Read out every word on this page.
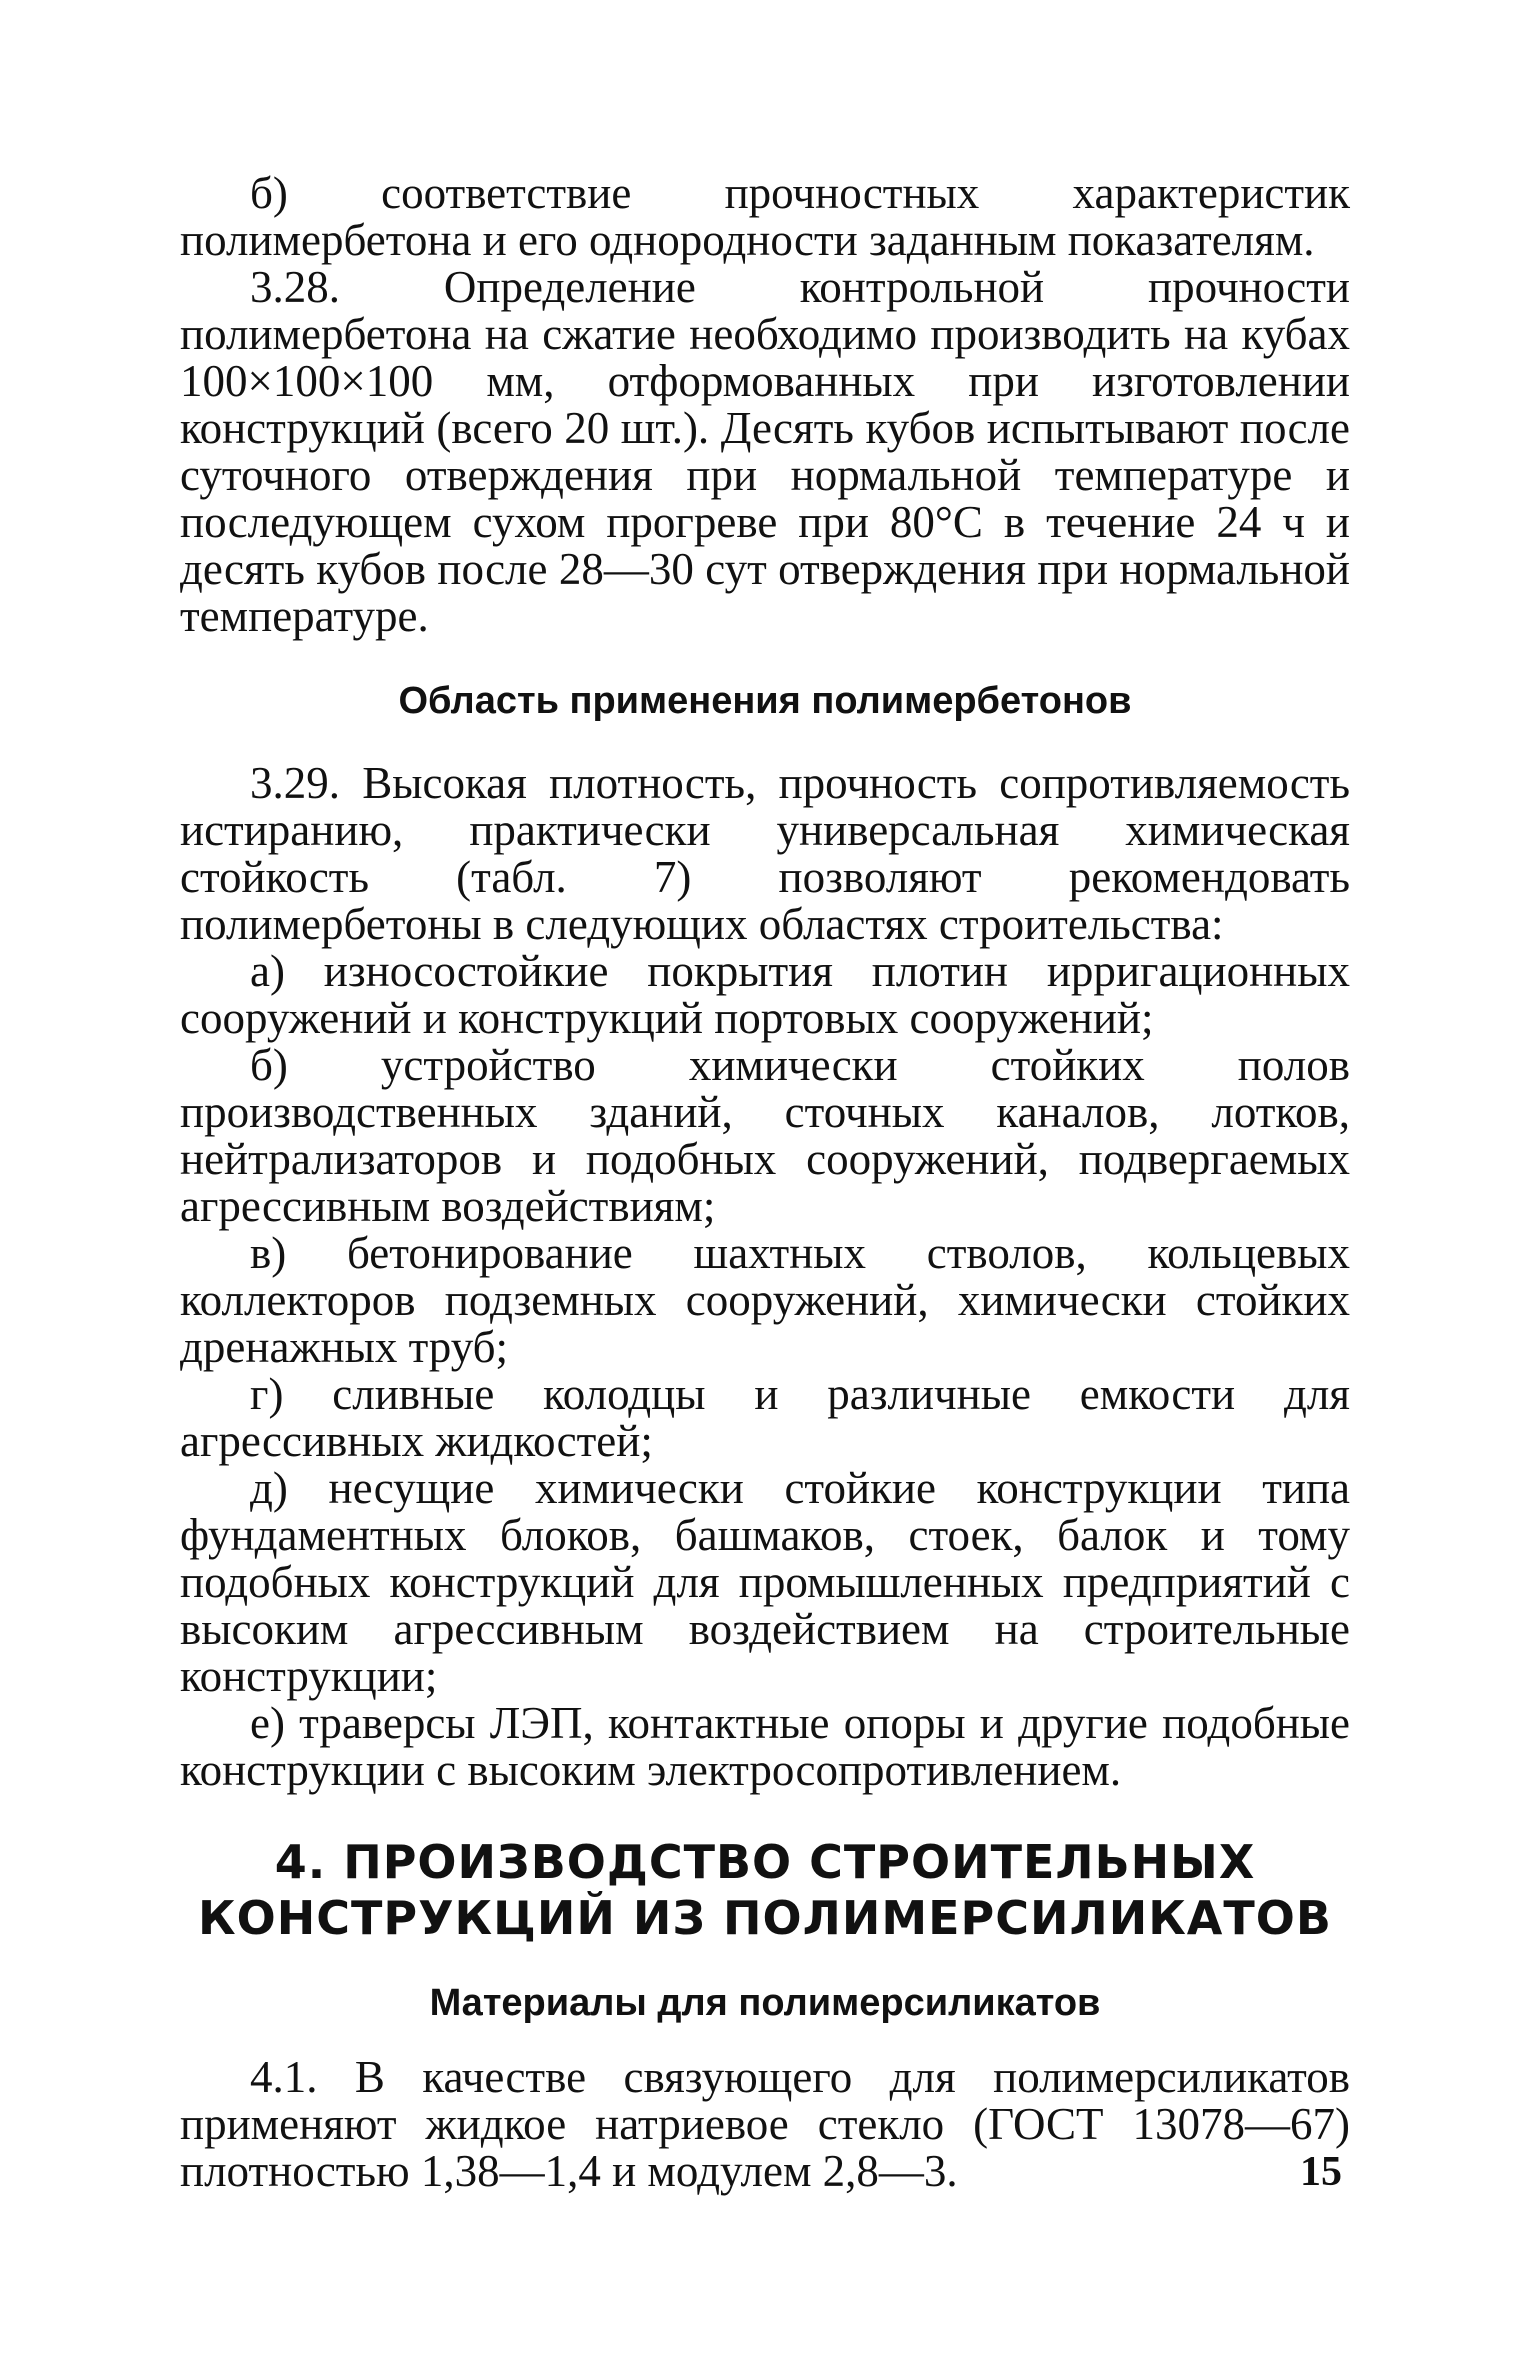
б) соответствие прочностных характеристик полимербетона и его однородности заданным показателям.

3.28. Определение контрольной прочности полимербетона на сжатие необходимо производить на кубах 100×100×100 мм, отформованных при изготовлении конструкций (всего 20 шт.). Десять кубов испытывают после суточного отверждения при нормальной температуре и последующем сухом прогреве при 80°С в течение 24 ч и десять кубов после 28—30 сут отверждения при нормальной температуре.

Область применения полимербетонов

3.29. Высокая плотность, прочность сопротивляемость истиранию, практически универсальная химическая стойкость (табл. 7) позволяют рекомендовать полимербетоны в следующих областях строительства:

а) износостойкие покрытия плотин ирригационных сооружений и конструкций портовых сооружений;

б) устройство химически стойких полов производственных зданий, сточных каналов, лотков, нейтрализаторов и подобных сооружений, подвергаемых агрессивным воздействиям;

в) бетонирование шахтных стволов, кольцевых коллекторов подземных сооружений, химически стойких дренажных труб;

г) сливные колодцы и различные емкости для агрессивных жидкостей;

д) несущие химически стойкие конструкции типа фундаментных блоков, башмаков, стоек, балок и тому подобных конструкций для промышленных предприятий с высоким агрессивным воздействием на строительные конструкции;

е) траверсы ЛЭП, контактные опоры и другие подобные конструкции с высоким электросопротивлением.

4. ПРОИЗВОДСТВО СТРОИТЕЛЬНЫХ
КОНСТРУКЦИЙ ИЗ ПОЛИМЕРСИЛИКАТОВ
Материалы для полимерсиликатов

4.1. В качестве связующего для полимерсиликатов применяют жидкое натриевое стекло (ГОСТ 13078—67) плотностью 1,38—1,4 и модулем 2,8—3.	15
